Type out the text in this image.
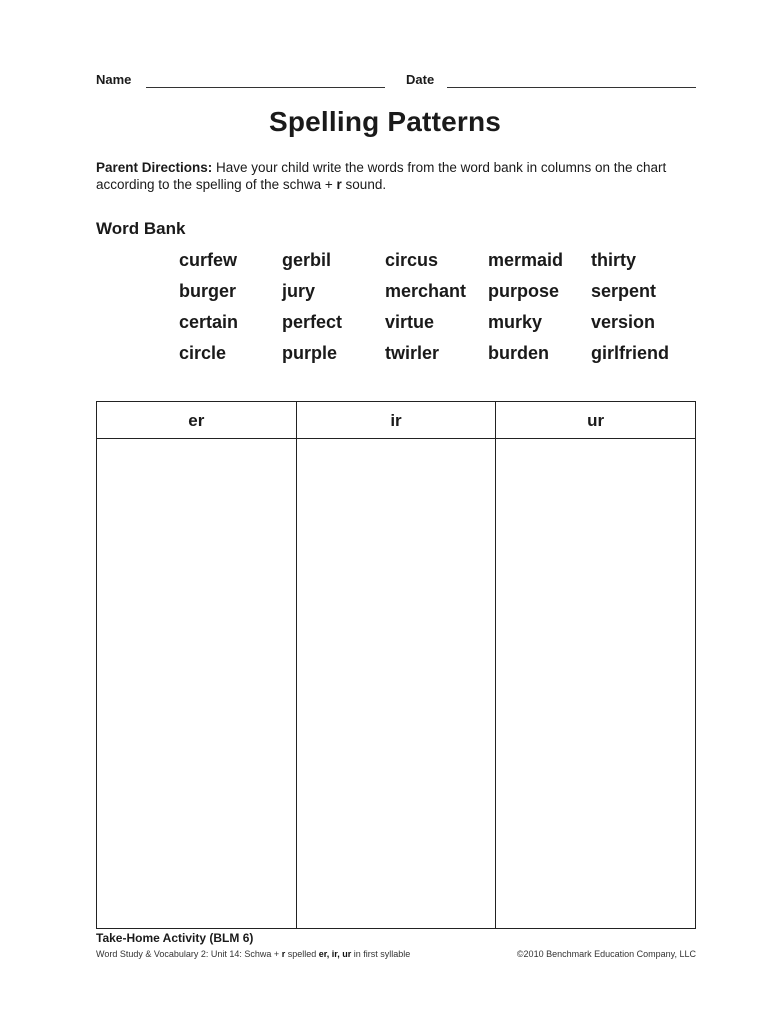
Name	Date
Spelling Patterns
Parent Directions: Have your child write the words from the word bank in columns on the chart according to the spelling of the schwa + r sound.
Word Bank
curfew	gerbil	circus	mermaid	thirty
burger	jury	merchant	purpose	serpent
certain	perfect	virtue	murky	version
circle	purple	twirler	burden	girlfriend
er	ir	ur
Take-Home Activity (BLM 6)
Word Study & Vocabulary 2: Unit 14: Schwa + r spelled er, ir, ur in first syllable	©2010 Benchmark Education Company, LLC
